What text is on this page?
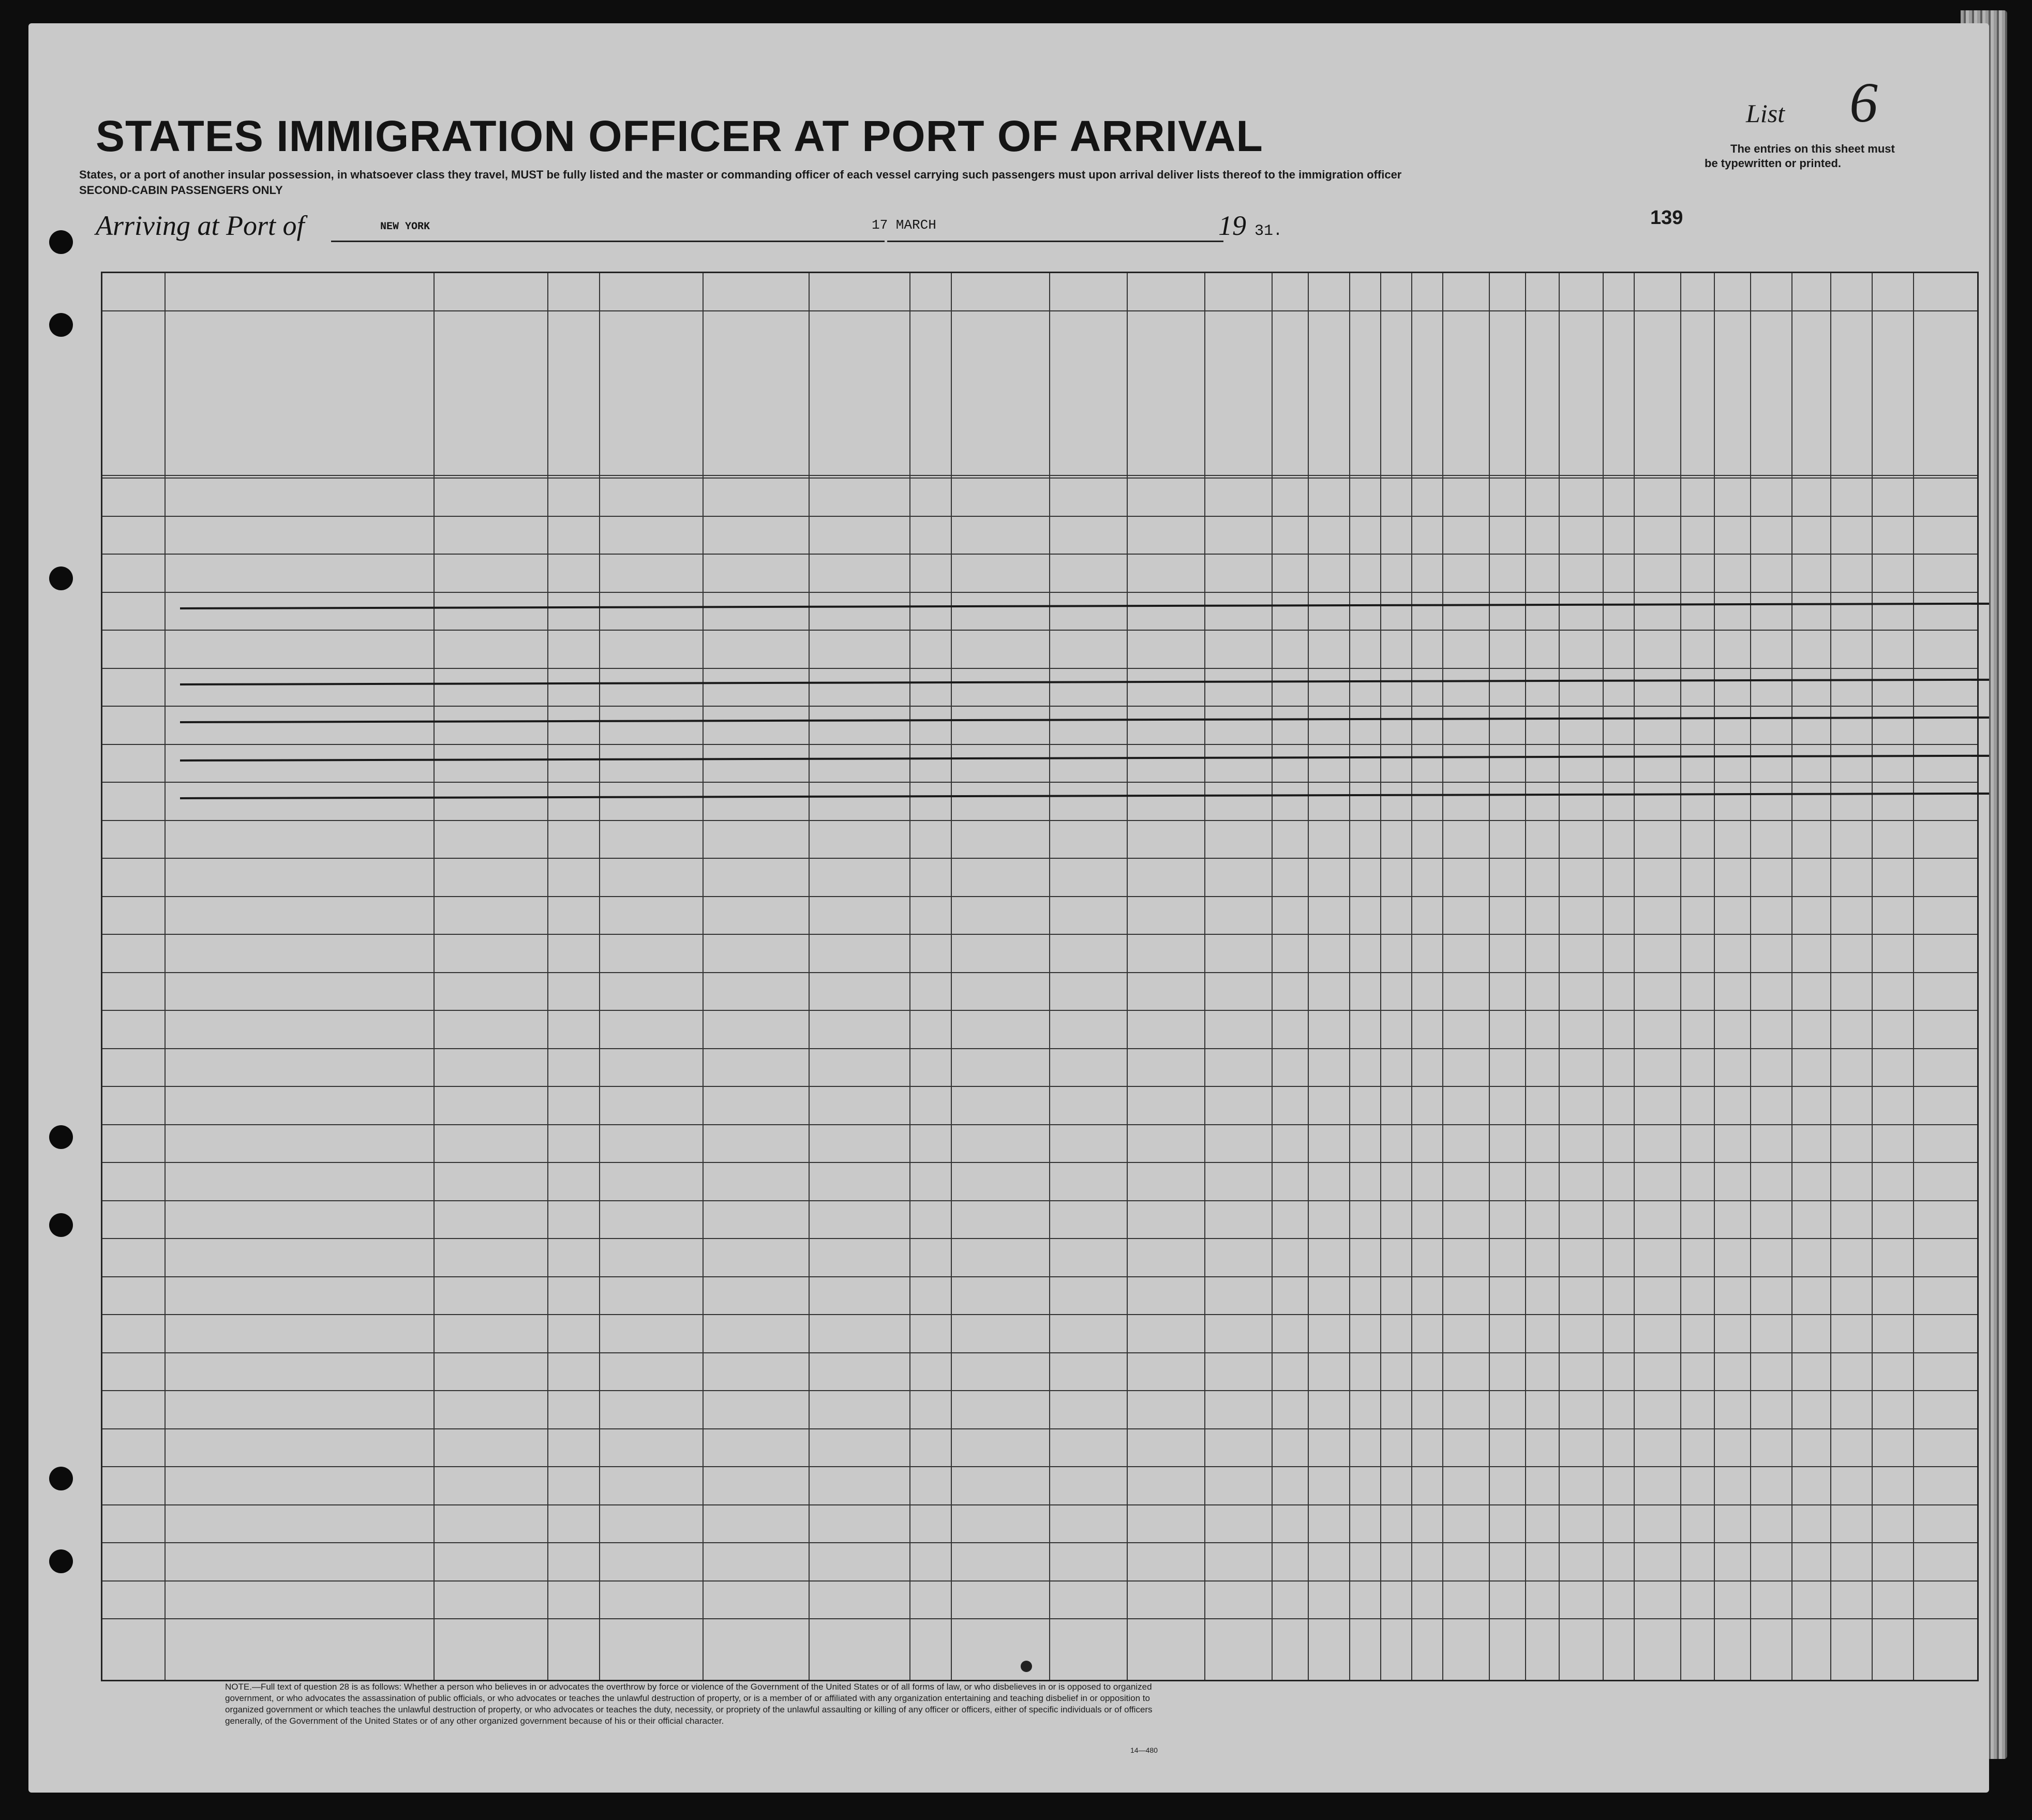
STATES IMMIGRATION OFFICER AT PORT OF ARRIVAL
States, or a port of another insular possession, in whatsoever class they travel, MUST be fully listed and the master or commanding officer of each vessel carrying such passengers must upon arrival deliver lists thereof to the immigration officer
SECOND-CABIN PASSENGERS ONLY
List 6
The entries on this sheet must
be typewritten or printed.
Arriving at Port of	NEW YORK	17 MARCH	19 31.
139
NOTE.—Full text of question 28 is as follows: Whether a person who believes in or advocates the overthrow by force or violence of the Government of the United States or of all forms of law, or who disbelieves in or is opposed to organized government, or who advocates the assassination of public officials, or who advocates or teaches the unlawful destruction of property, or is a member of or affiliated with any organization entertaining and teaching disbelief in or opposition to organized government or which teaches the unlawful destruction of property, or who advocates or teaches the duty, necessity, or propriety of the unlawful assaulting or killing of any officer or officers, either of specific individuals or of officers generally, of the Government of the United States or of any other organized government because of his or their official character.
14—480
